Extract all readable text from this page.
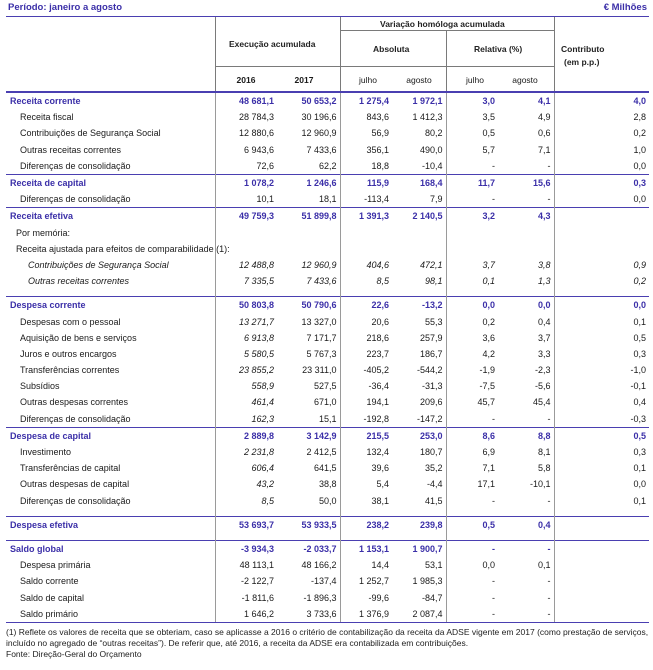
Período: janeiro a agosto	€ Milhões
Execução acumulada
Variação homóloga acumulada
Absoluta	Relativa (%)	Contributo
(em p.p.)
2016	2017	julho	agosto	julho	agosto
Receita corrente	48 681,1	50 653,2	1 275,4	1 972,1	3,0	4,1	4,0
Receita fiscal	28 784,3	30 196,6	843,6	1 412,3	3,5	4,9	2,8
Contribuições de Segurança Social	12 880,6	12 960,9	56,9	80,2	0,5	0,6	0,2
Outras receitas correntes	6 943,6	7 433,6	356,1	490,0	5,7	7,1	1,0
Diferenças de consolidação	72,6	62,2	18,8	-10,4	-	-	0,0
Receita de capital	1 078,2	1 246,6	115,9	168,4	11,7	15,6	0,3
Diferenças de consolidação	10,1	18,1	-113,4	7,9	-	-	0,0
Receita efetiva	49 759,3	51 899,8	1 391,3	2 140,5	3,2	4,3	
Por memória:							
Receita ajustada para efeitos de comparabilidade (1):							
Contribuições de Segurança Social	12 488,8	12 960,9	404,6	472,1	3,7	3,8	0,9
Outras receitas correntes	7 335,5	7 433,6	8,5	98,1	0,1	1,3	0,2

Despesa corrente	50 803,8	50 790,6	22,6	-13,2	0,0	0,0	0,0
Despesas com o pessoal	13 271,7	13 327,0	20,6	55,3	0,2	0,4	0,1
Aquisição de bens e serviços	6 913,8	7 171,7	218,6	257,9	3,6	3,7	0,5
Juros e outros encargos	5 580,5	5 767,3	223,7	186,7	4,2	3,3	0,3
Transferências correntes	23 855,2	23 311,0	-405,2	-544,2	-1,9	-2,3	-1,0
Subsídios	558,9	527,5	-36,4	-31,3	-7,5	-5,6	-0,1
Outras despesas correntes	461,4	671,0	194,1	209,6	45,7	45,4	0,4
Diferenças de consolidação	162,3	15,1	-192,8	-147,2	-	-	-0,3
Despesa de capital	2 889,8	3 142,9	215,5	253,0	8,6	8,8	0,5
Investimento	2 231,8	2 412,5	132,4	180,7	6,9	8,1	0,3
Transferências de capital	606,4	641,5	39,6	35,2	7,1	5,8	0,1
Outras despesas de capital	43,2	38,8	5,4	-4,4	17,1	-10,1	0,0
Diferenças de consolidação	8,5	50,0	38,1	41,5	-	-	0,1

Despesa efetiva	53 693,7	53 933,5	238,2	239,8	0,5	0,4	

Saldo global	-3 934,3	-2 033,7	1 153,1	1 900,7	-	-	
Despesa primária	48 113,1	48 166,2	14,4	53,1	0,0	0,1	
Saldo corrente	-2 122,7	-137,4	1 252,7	1 985,3	-	-	
Saldo de capital	-1 811,6	-1 896,3	-99,6	-84,7	-	-	
Saldo primário	1 646,2	3 733,6	1 376,9	2 087,4	-	-	
(1) Reflete os valores de receita que se obteriam, caso se aplicasse a 2016 o critério de contabilização da receita da ADSE vigente em 2017 (como prestação de serviços, incluído no agregado de “outras receitas”). De referir que, até 2016, a receita da ADSE era contabilizada em contribuições.
Fonte: Direção-Geral do Orçamento
